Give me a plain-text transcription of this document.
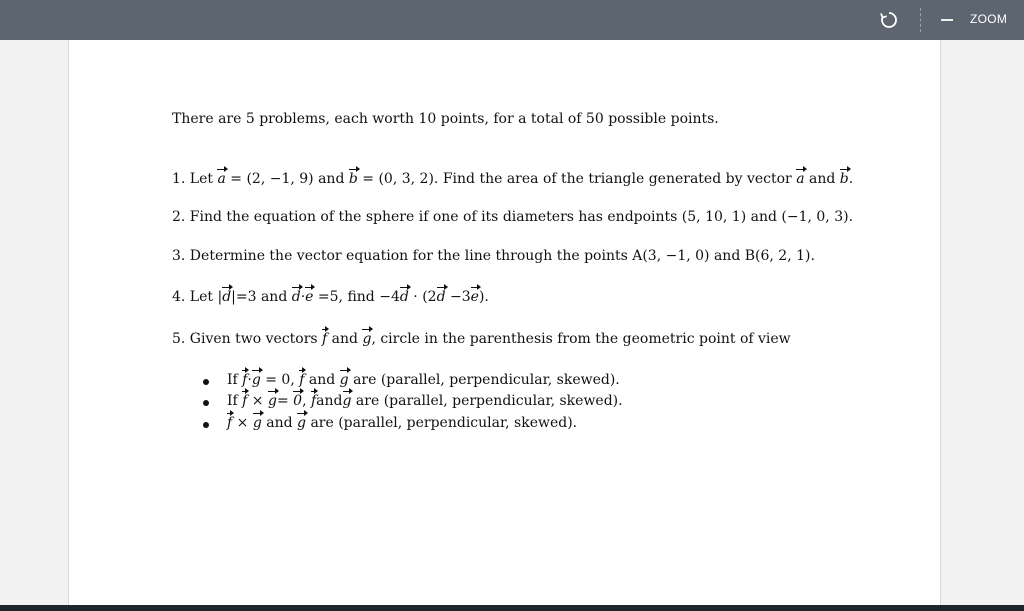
ZOOM
There are 5 problems, each worth 10 points, for a total of 50 possible points.
1. Let a = (2, −1, 9) and b = (0, 3, 2). Find the area of the triangle generated by vector a and b.
2. Find the equation of the sphere if one of its diameters has endpoints (5, 10, 1) and (−1, 0, 3).
3. Determine the vector equation for the line through the points A(3, −1, 0) and B(6, 2, 1).
4. Let |d|=3 and d·e =5, find −4d · (2d −3e).
5. Given two vectors f and g, circle in the parenthesis from the geometric point of view
If f·g = 0, f and g are (parallel, perpendicular, skewed).
If f × g= 0, fandg are (parallel, perpendicular, skewed).
f × g and g are (parallel, perpendicular, skewed).
